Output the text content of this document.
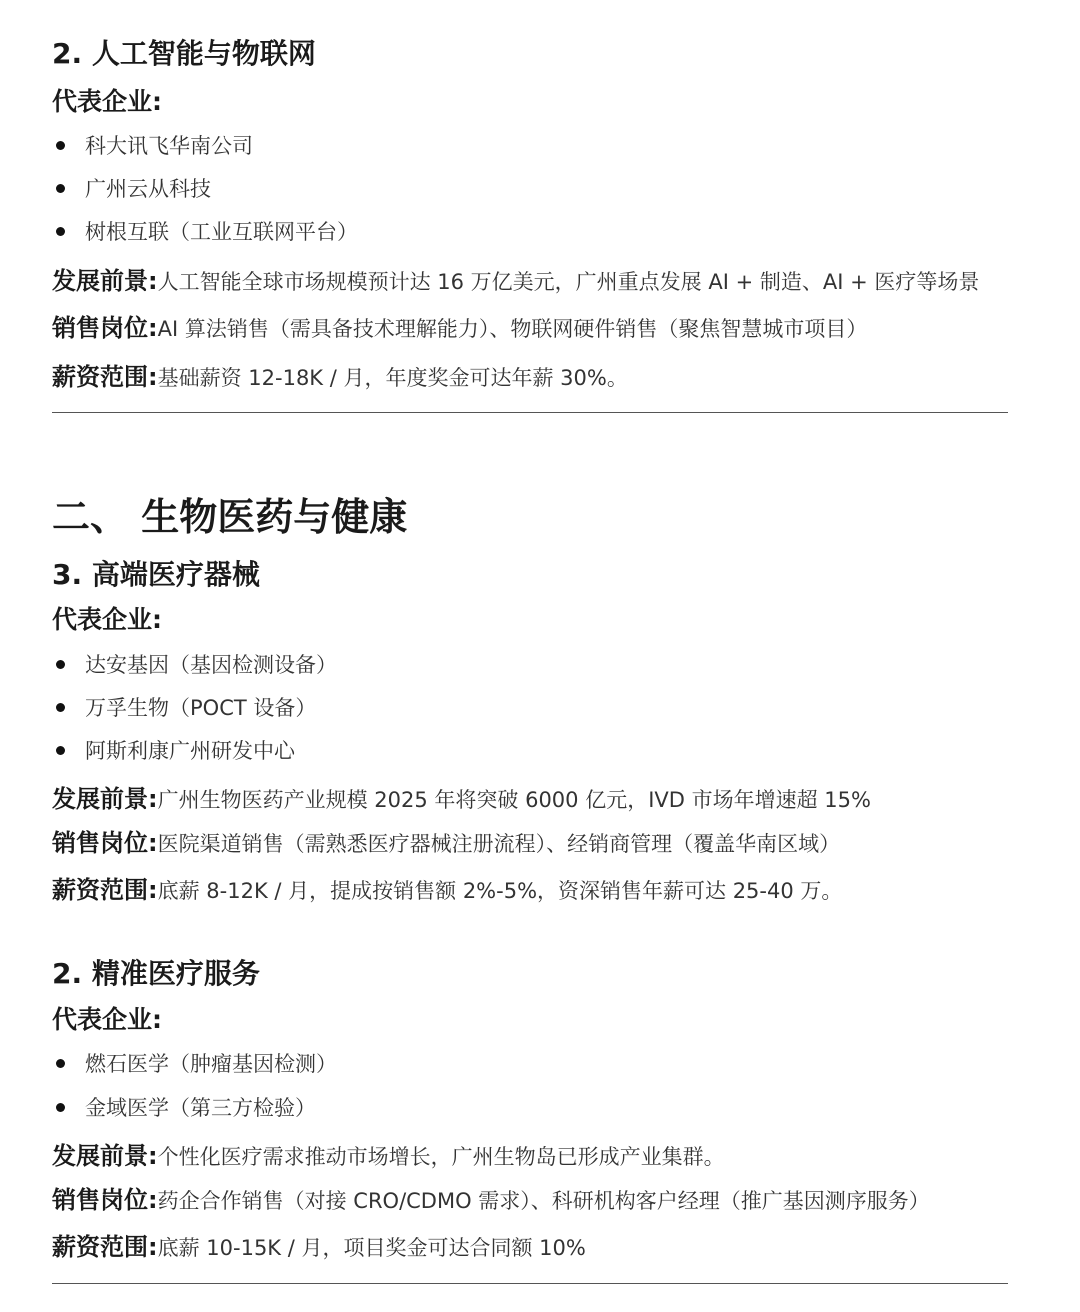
2. 人工智能与物联网
代表企业:
科大讯飞华南公司
广州云从科技
树根互联（工业互联网平台）
发展前景:人工智能全球市场规模预计达 16 万亿美元，广州重点发展 AI + 制造、AI + 医疗等场景
销售岗位:AI 算法销售（需具备技术理解能力）、物联网硬件销售（聚焦智慧城市项目）
薪资范围:基础薪资 12-18K / 月，年度奖金可达年薪 30%。
二、 生物医药与健康
3. 高端医疗器械
代表企业:
达安基因（基因检测设备）
万孚生物（POCT 设备）
阿斯利康广州研发中心
发展前景:广州生物医药产业规模 2025 年将突破 6000 亿元，IVD 市场年增速超 15%
销售岗位:医院渠道销售（需熟悉医疗器械注册流程）、经销商管理（覆盖华南区域）
薪资范围:底薪 8-12K / 月，提成按销售额 2%-5%，资深销售年薪可达 25-40 万。
2. 精准医疗服务
代表企业:
燃石医学（肿瘤基因检测）
金域医学（第三方检验）
发展前景:个性化医疗需求推动市场增长，广州生物岛已形成产业集群。
销售岗位:药企合作销售（对接 CRO/CDMO 需求）、科研机构客户经理（推广基因测序服务）
薪资范围:底薪 10-15K / 月，项目奖金可达合同额 10%
